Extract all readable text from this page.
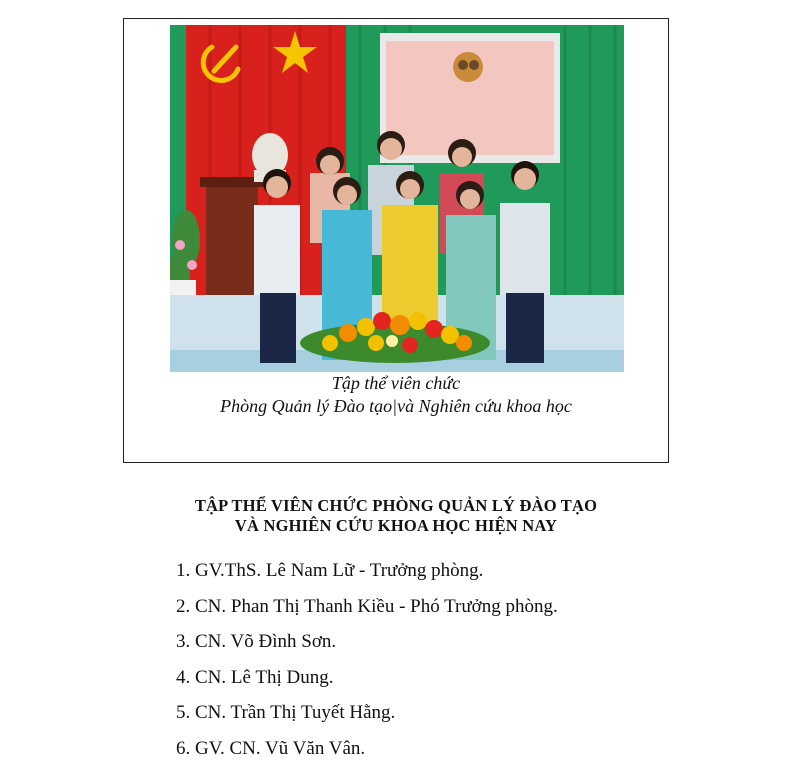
Tập thể viên chức
Phòng Quản lý Đào tạo|và Nghiên cứu khoa học
TẬP THỂ VIÊN CHỨC PHÒNG QUẢN LÝ ĐÀO TẠO
VÀ NGHIÊN CỨU KHOA HỌC HIỆN NAY
1. GV.ThS. Lê Nam Lữ - Trưởng phòng.
2. CN. Phan Thị Thanh Kiều - Phó Trưởng phòng.
3. CN. Võ Đình Sơn.
4. CN. Lê Thị Dung.
5. CN. Trần Thị Tuyết Hằng.
6. GV. CN. Vũ Văn Vân.
